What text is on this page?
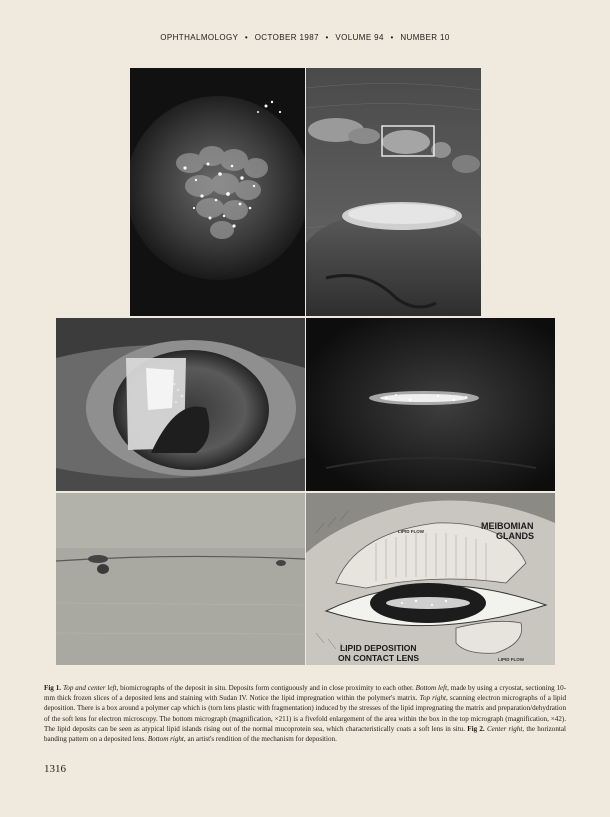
OPHTHALMOLOGY • OCTOBER 1987 • VOLUME 94 • NUMBER 10
MEIBOMIAN
GLANDS
LIPID FLOW
LIPID FLOW
LIPID DEPOSITION
ON CONTACT LENS
Fig 1. Top and center left, biomicrographs of the deposit in situ. Deposits form contiguously and in close proximity to each other. Bottom left, made by using a cryostat, sectioning 10-mm thick frozen slices of a deposited lens and staining with Sudan IV. Notice the lipid impregnation within the polymer's matrix. Top right, scanning electron micrographs of a lipid deposition. There is a box around a polymer cap which is (torn lens plastic with fragmentation) induced by the stresses of the lipid impregnating the matrix and preparation/dehydration of the soft lens for electron microscopy. The bottom micrograph (magnification, ×211) is a fivefold enlargement of the area within the box in the top micrograph (magnification, ×42). The lipid deposits can be seen as atypical lipid islands rising out of the normal mucoprotein sea, which characteristically coats a soft lens in situ. Fig 2. Center right, the horizontal banding pattern on a deposited lens. Bottom right, an artist's rendition of the mechanism for deposition.
1316
